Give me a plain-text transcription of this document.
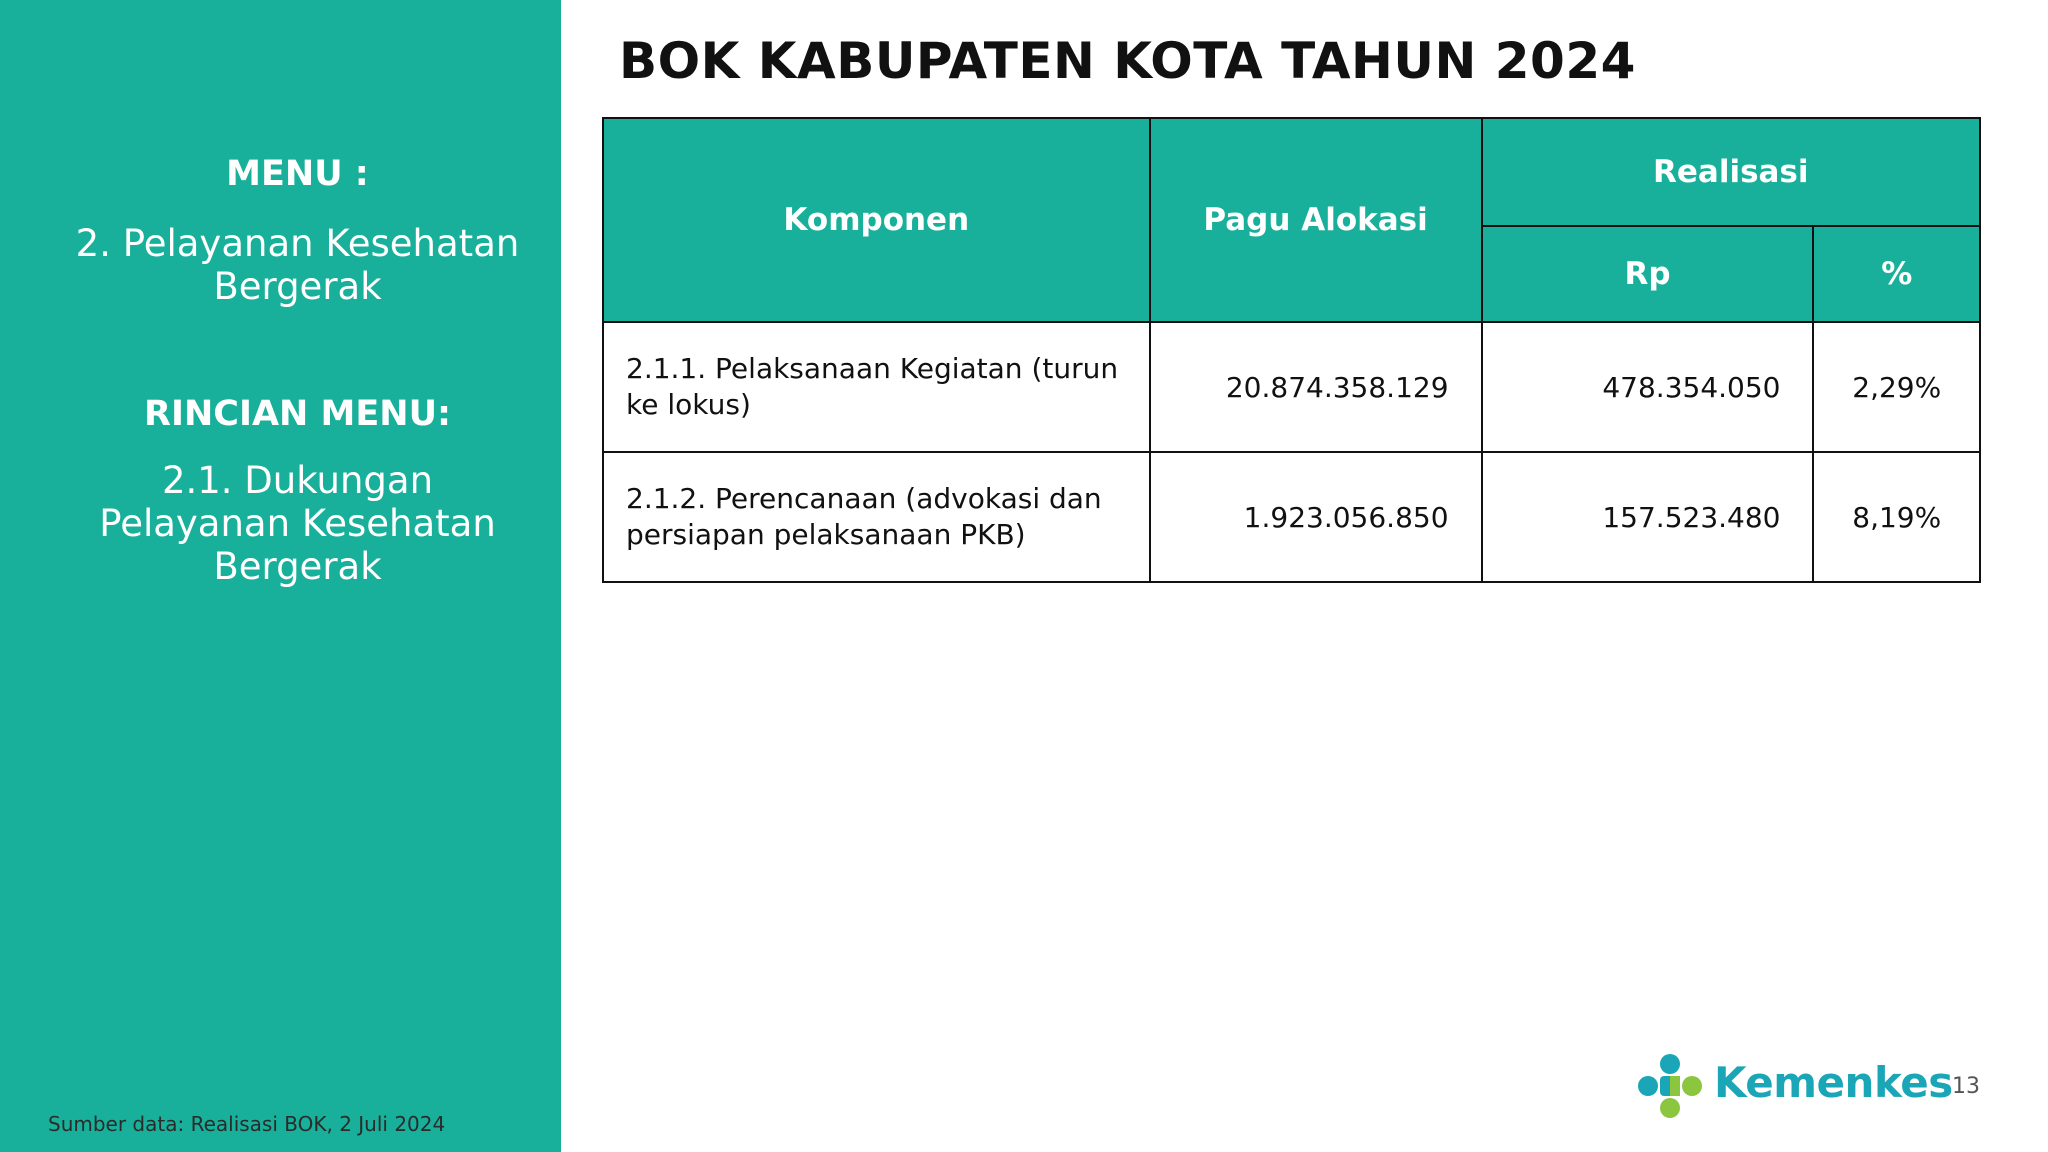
MENU :
2. Pelayanan Kesehatan
Bergerak
RINCIAN MENU:
2.1. Dukungan
Pelayanan Kesehatan
Bergerak
Sumber data: Realisasi BOK, 2 Juli 2024
BOK KABUPATEN KOTA TAHUN 2024
Komponen	Pagu Alokasi	Realisasi	
		Rp	%

2.1.1. Pelaksanaan Kegiatan (turun
ke lokus)	20.874.358.129	478.354.050	2,29%

2.1.2. Perencanaan (advokasi dan
persiapan pelaksanaan PKB)	1.923.056.850	157.523.480	8,19%
Kemenkes 13
